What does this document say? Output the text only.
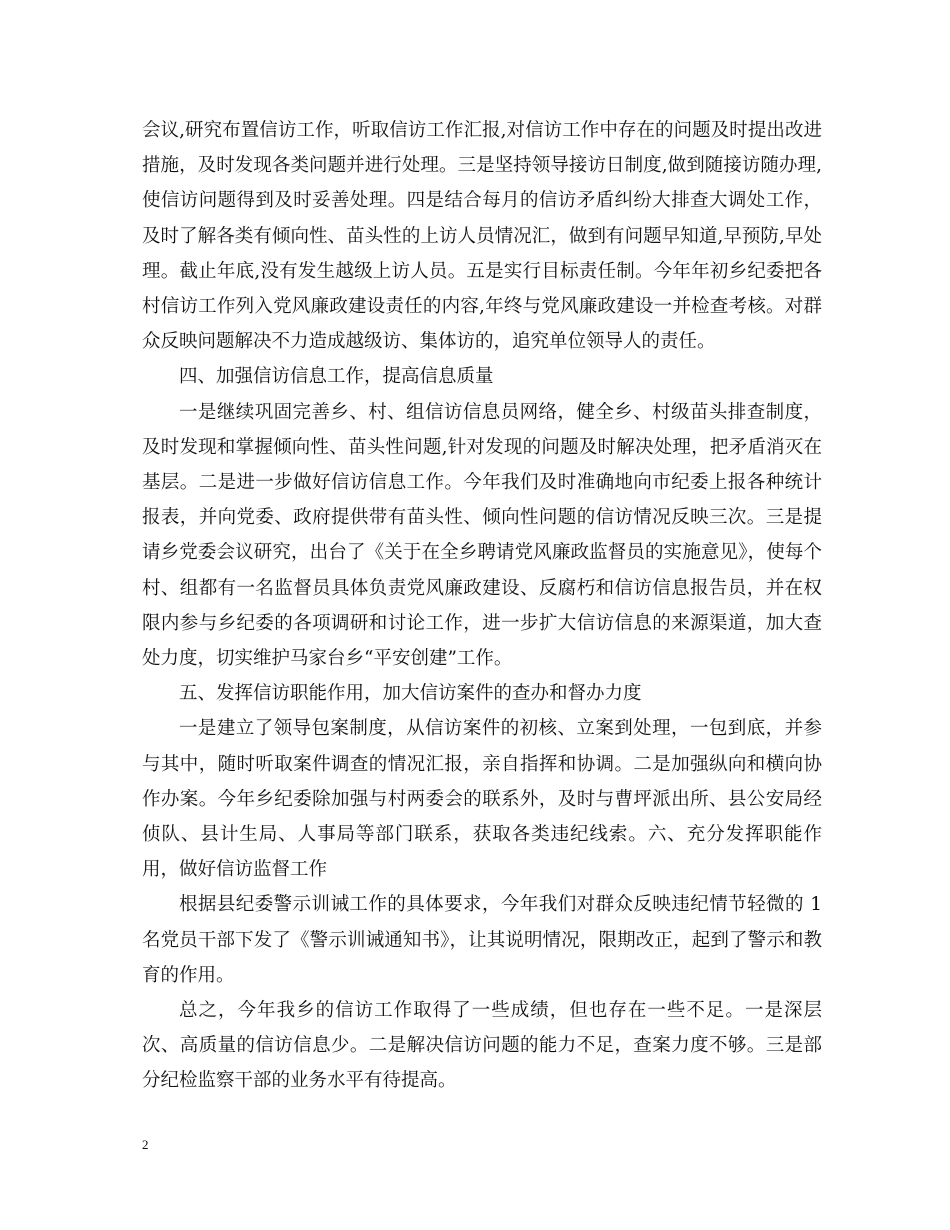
会议,研究布置信访工作，听取信访工作汇报,对信访工作中存在的问题及时提出改进措施，及时发现各类问题并进行处理。三是坚持领导接访日制度,做到随接访随办理,使信访问题得到及时妥善处理。四是结合每月的信访矛盾纠纷大排查大调处工作，及时了解各类有倾向性、苗头性的上访人员情况汇，做到有问题早知道,早预防,早处理。截止年底,没有发生越级上访人员。五是实行目标责任制。今年年初乡纪委把各村信访工作列入党风廉政建设责任的内容,年终与党风廉政建设一并检查考核。对群众反映问题解决不力造成越级访、集体访的，追究单位领导人的责任。

四、加强信访信息工作，提高信息质量

一是继续巩固完善乡、村、组信访信息员网络，健全乡、村级苗头排查制度，及时发现和掌握倾向性、苗头性问题,针对发现的问题及时解决处理，把矛盾消灭在基层。二是进一步做好信访信息工作。今年我们及时准确地向市纪委上报各种统计报表，并向党委、政府提供带有苗头性、倾向性问题的信访情况反映三次。三是提请乡党委会议研究，出台了《关于在全乡聘请党风廉政监督员的实施意见》，使每个村、组都有一名监督员具体负责党风廉政建设、反腐朽和信访信息报告员，并在权限内参与乡纪委的各项调研和讨论工作，进一步扩大信访信息的来源渠道，加大查处力度，切实维护马家台乡“平安创建”工作。

五、发挥信访职能作用，加大信访案件的查办和督办力度

一是建立了领导包案制度，从信访案件的初核、立案到处理，一包到底，并参与其中，随时听取案件调查的情况汇报，亲自指挥和协调。二是加强纵向和横向协作办案。今年乡纪委除加强与村两委会的联系外，及时与曹坪派出所、县公安局经侦队、县计生局、人事局等部门联系，获取各类违纪线索。六、充分发挥职能作用，做好信访监督工作

根据县纪委警示训诫工作的具体要求，今年我们对群众反映违纪情节轻微的 1 名党员干部下发了《警示训诫通知书》，让其说明情况，限期改正，起到了警示和教育的作用。

总之，今年我乡的信访工作取得了一些成绩，但也存在一些不足。一是深层次、高质量的信访信息少。二是解决信访问题的能力不足，查案力度不够。三是部分纪检监察干部的业务水平有待提高。

2
